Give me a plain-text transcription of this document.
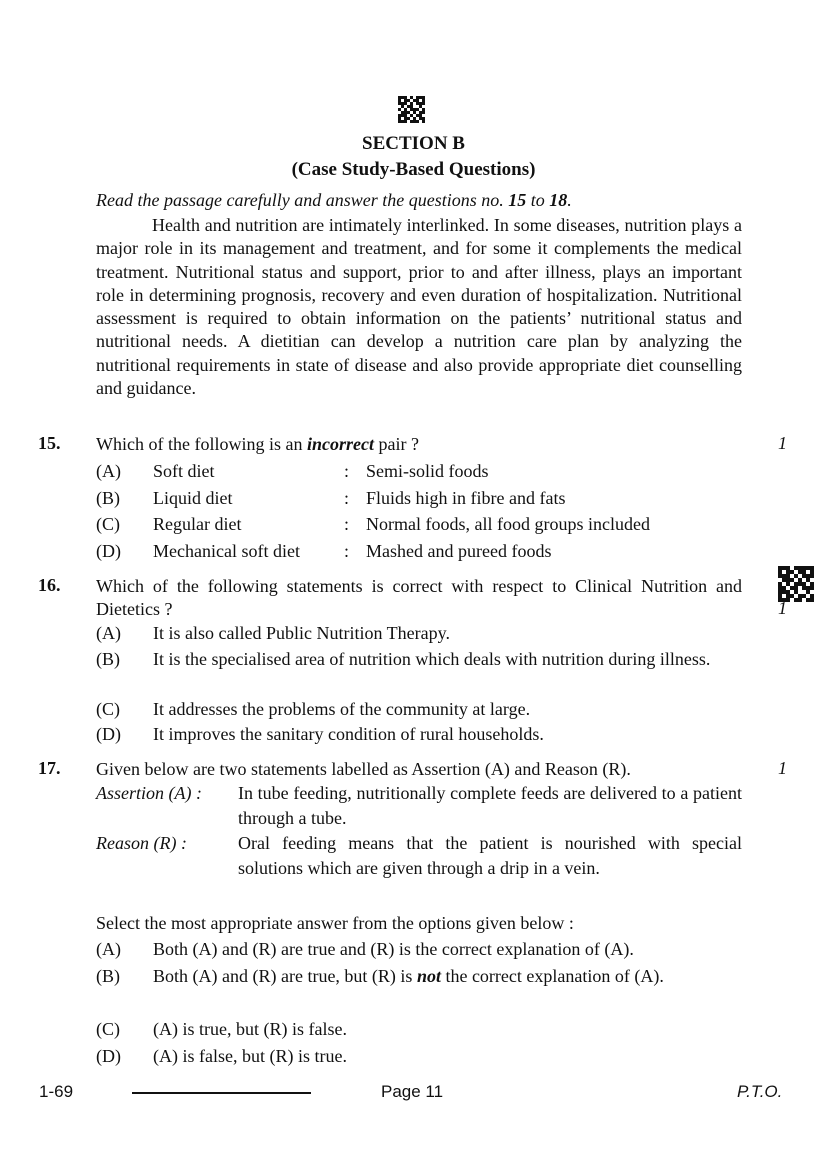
SECTION B
(Case Study-Based Questions)
Read the passage carefully and answer the questions no. 15 to 18.
Health and nutrition are intimately interlinked. In some diseases, nutrition plays a major role in its management and treatment, and for some it complements the medical treatment. Nutritional status and support, prior to and after illness, plays an important role in determining prognosis, recovery and even duration of hospitalization. Nutritional assessment is required to obtain information on the patients’ nutritional status and nutritional needs. A dietitian can develop a nutrition care plan by analyzing the nutritional requirements in state of disease and also provide appropriate diet counselling and guidance.
15. Which of the following is an incorrect pair ?	1
(A)	Soft diet	: Semi-solid foods
(B)	Liquid diet	: Fluids high in fibre and fats
(C)	Regular diet	: Normal foods, all food groups included
(D)	Mechanical soft diet : Mashed and pureed foods
16. Which of the following statements is correct with respect to Clinical Nutrition and Dietetics ?	1
(A)	It is also called Public Nutrition Therapy.
(B)	It is the specialised area of nutrition which deals with nutrition during illness.
(C)	It addresses the problems of the community at large.
(D)	It improves the sanitary condition of rural households.
17. Given below are two statements labelled as Assertion (A) and Reason (R).	1
Assertion (A) : In tube feeding, nutritionally complete feeds are delivered to a patient through a tube.
Reason (R) :	Oral feeding means that the patient is nourished with special solutions which are given through a drip in a vein.
Select the most appropriate answer from the options given below :
(A)	Both (A) and (R) are true and (R) is the correct explanation of (A).
(B)	Both (A) and (R) are true, but (R) is not the correct explanation of (A).
(C)	(A) is true, but (R) is false.
(D)	(A) is false, but (R) is true.
1-69	Page 11	P.T.O.
